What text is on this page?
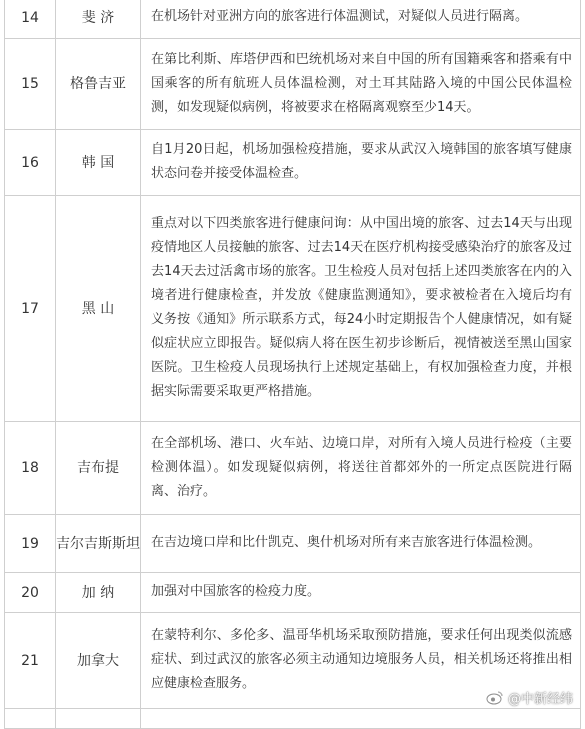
14	斐 济	在机场针对亚洲方向的旅客进行体温测试，对疑似人员进行隔离。
15	格鲁吉亚	在第比利斯、库塔伊西和巴统机场对来自中国的所有国籍乘客和搭乘有中国乘客的所有航班人员体温检测，对土耳其陆路入境的中国公民体温检测，如发现疑似病例，将被要求在格隔离观察至少14天。
16	韩 国	自1月20日起，机场加强检疫措施，要求从武汉入境韩国的旅客填写健康状态问卷并接受体温检查。
17	黑 山	重点对以下四类旅客进行健康问询：从中国出境的旅客、过去14天与出现疫情地区人员接触的旅客、过去14天在医疗机构接受感染治疗的旅客及过去14天去过活禽市场的旅客。卫生检疫人员对包括上述四类旅客在内的入境者进行健康检查，并发放《健康监测通知》，要求被检者在入境后均有义务按《通知》所示联系方式，每24小时定期报告个人健康情况，如有疑似症状应立即报告。疑似病人将在医生初步诊断后，视情被送至黑山国家医院。卫生检疫人员现场执行上述规定基础上，有权加强检查力度，并根据实际需要采取更严格措施。
18	吉布提	在全部机场、港口、火车站、边境口岸，对所有入境人员进行检疫（主要检测体温）。如发现疑似病例，将送往首都郊外的一所定点医院进行隔离、治疗。
19	吉尔吉斯斯坦	在吉边境口岸和比什凯克、奥什机场对所有来吉旅客进行体温检测。
20	加 纳	加强对中国旅客的检疫力度。
21	加拿大	在蒙特利尔、多伦多、温哥华机场采取预防措施，要求任何出现类似流感症状、到过武汉的旅客必须主动通知边境服务人员，相关机场还将推出相应健康检查服务。

@中新经纬
